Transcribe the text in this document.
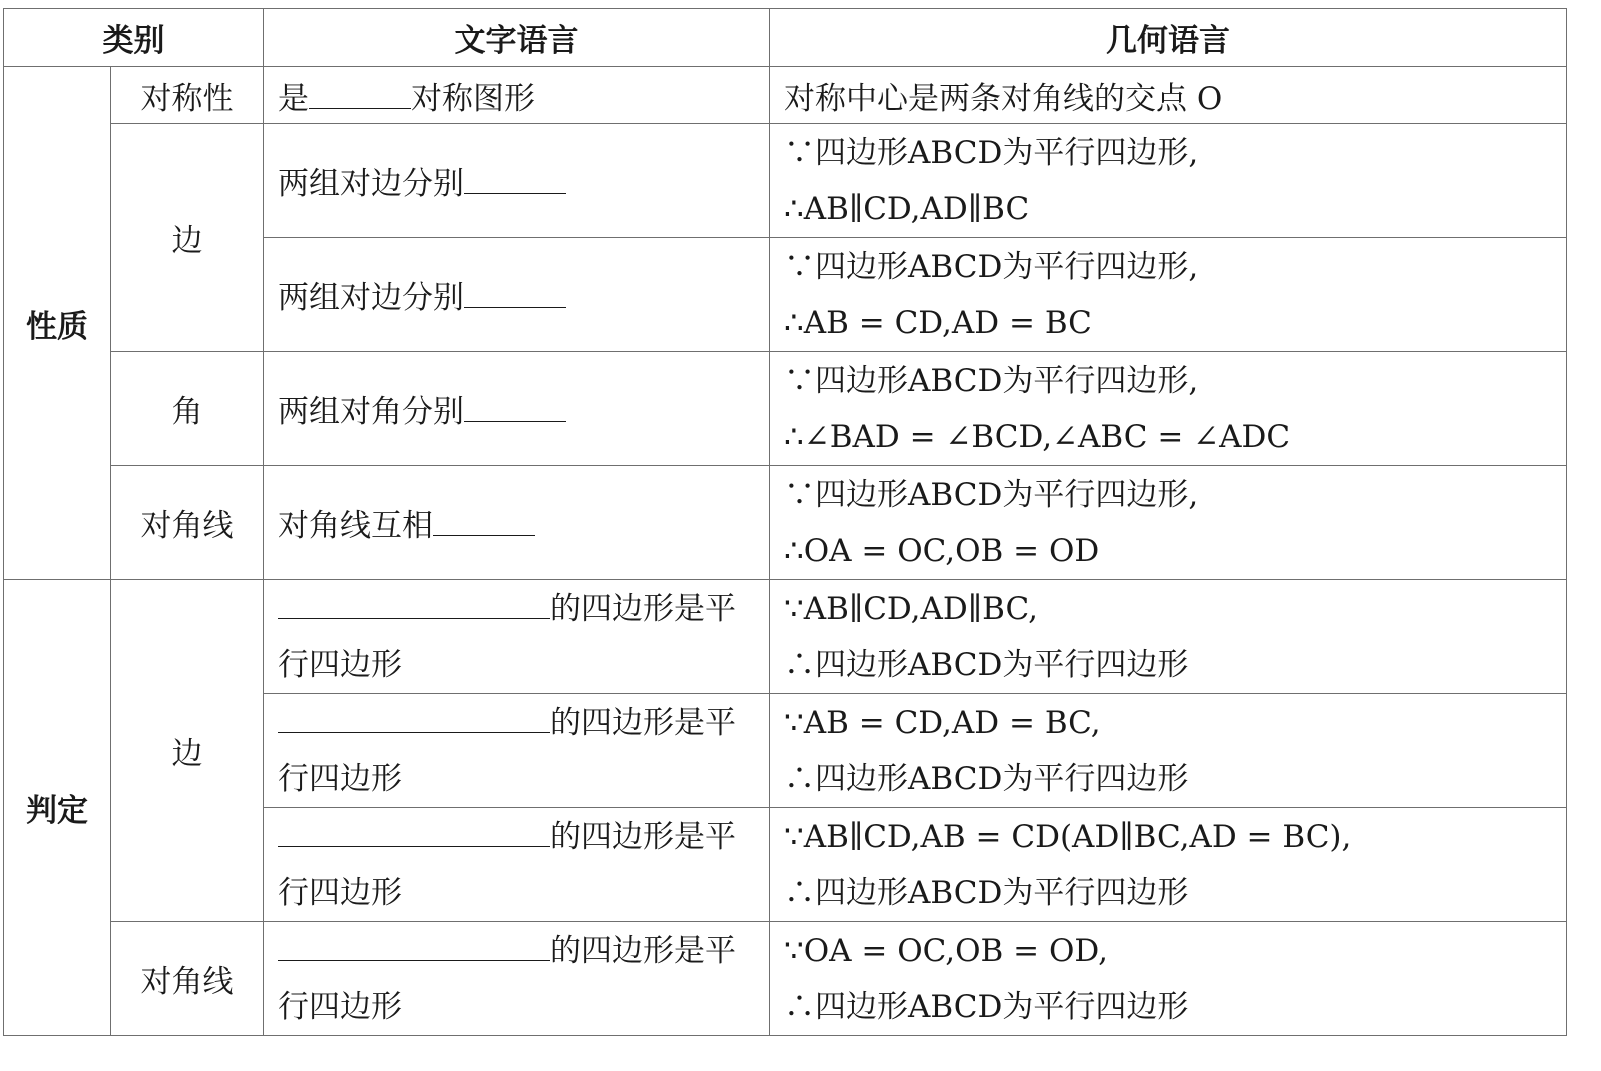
类别		文字语言	几何语言
性质	对称性	是 对称图形	对称中心是两条对角线的交点 O
	边	两组对边分别	∵四边形ABCD为平行四边形,
∴AB∥CD,AD∥BC

		两组对边分别	∵四边形ABCD为平行四边形,
∴AB = CD,AD = BC

	角	两组对角分别	∵四边形ABCD为平行四边形,
∴∠BAD = ∠BCD,∠ABC = ∠ADC

	对角线	对角线互相	∵四边形ABCD为平行四边形,
∴OA = OC,OB = OD

判定	边	的四边形是平
行四边形	∵AB∥CD,AD∥BC,
∴四边形ABCD为平行四边形

		的四边形是平
行四边形	∵AB = CD,AD = BC,
∴四边形ABCD为平行四边形

		的四边形是平
行四边形	∵AB∥CD,AB = CD(AD∥BC,AD = BC),
∴四边形ABCD为平行四边形

	对角线	的四边形是平
行四边形	∵OA = OC,OB = OD,
∴四边形ABCD为平行四边形
